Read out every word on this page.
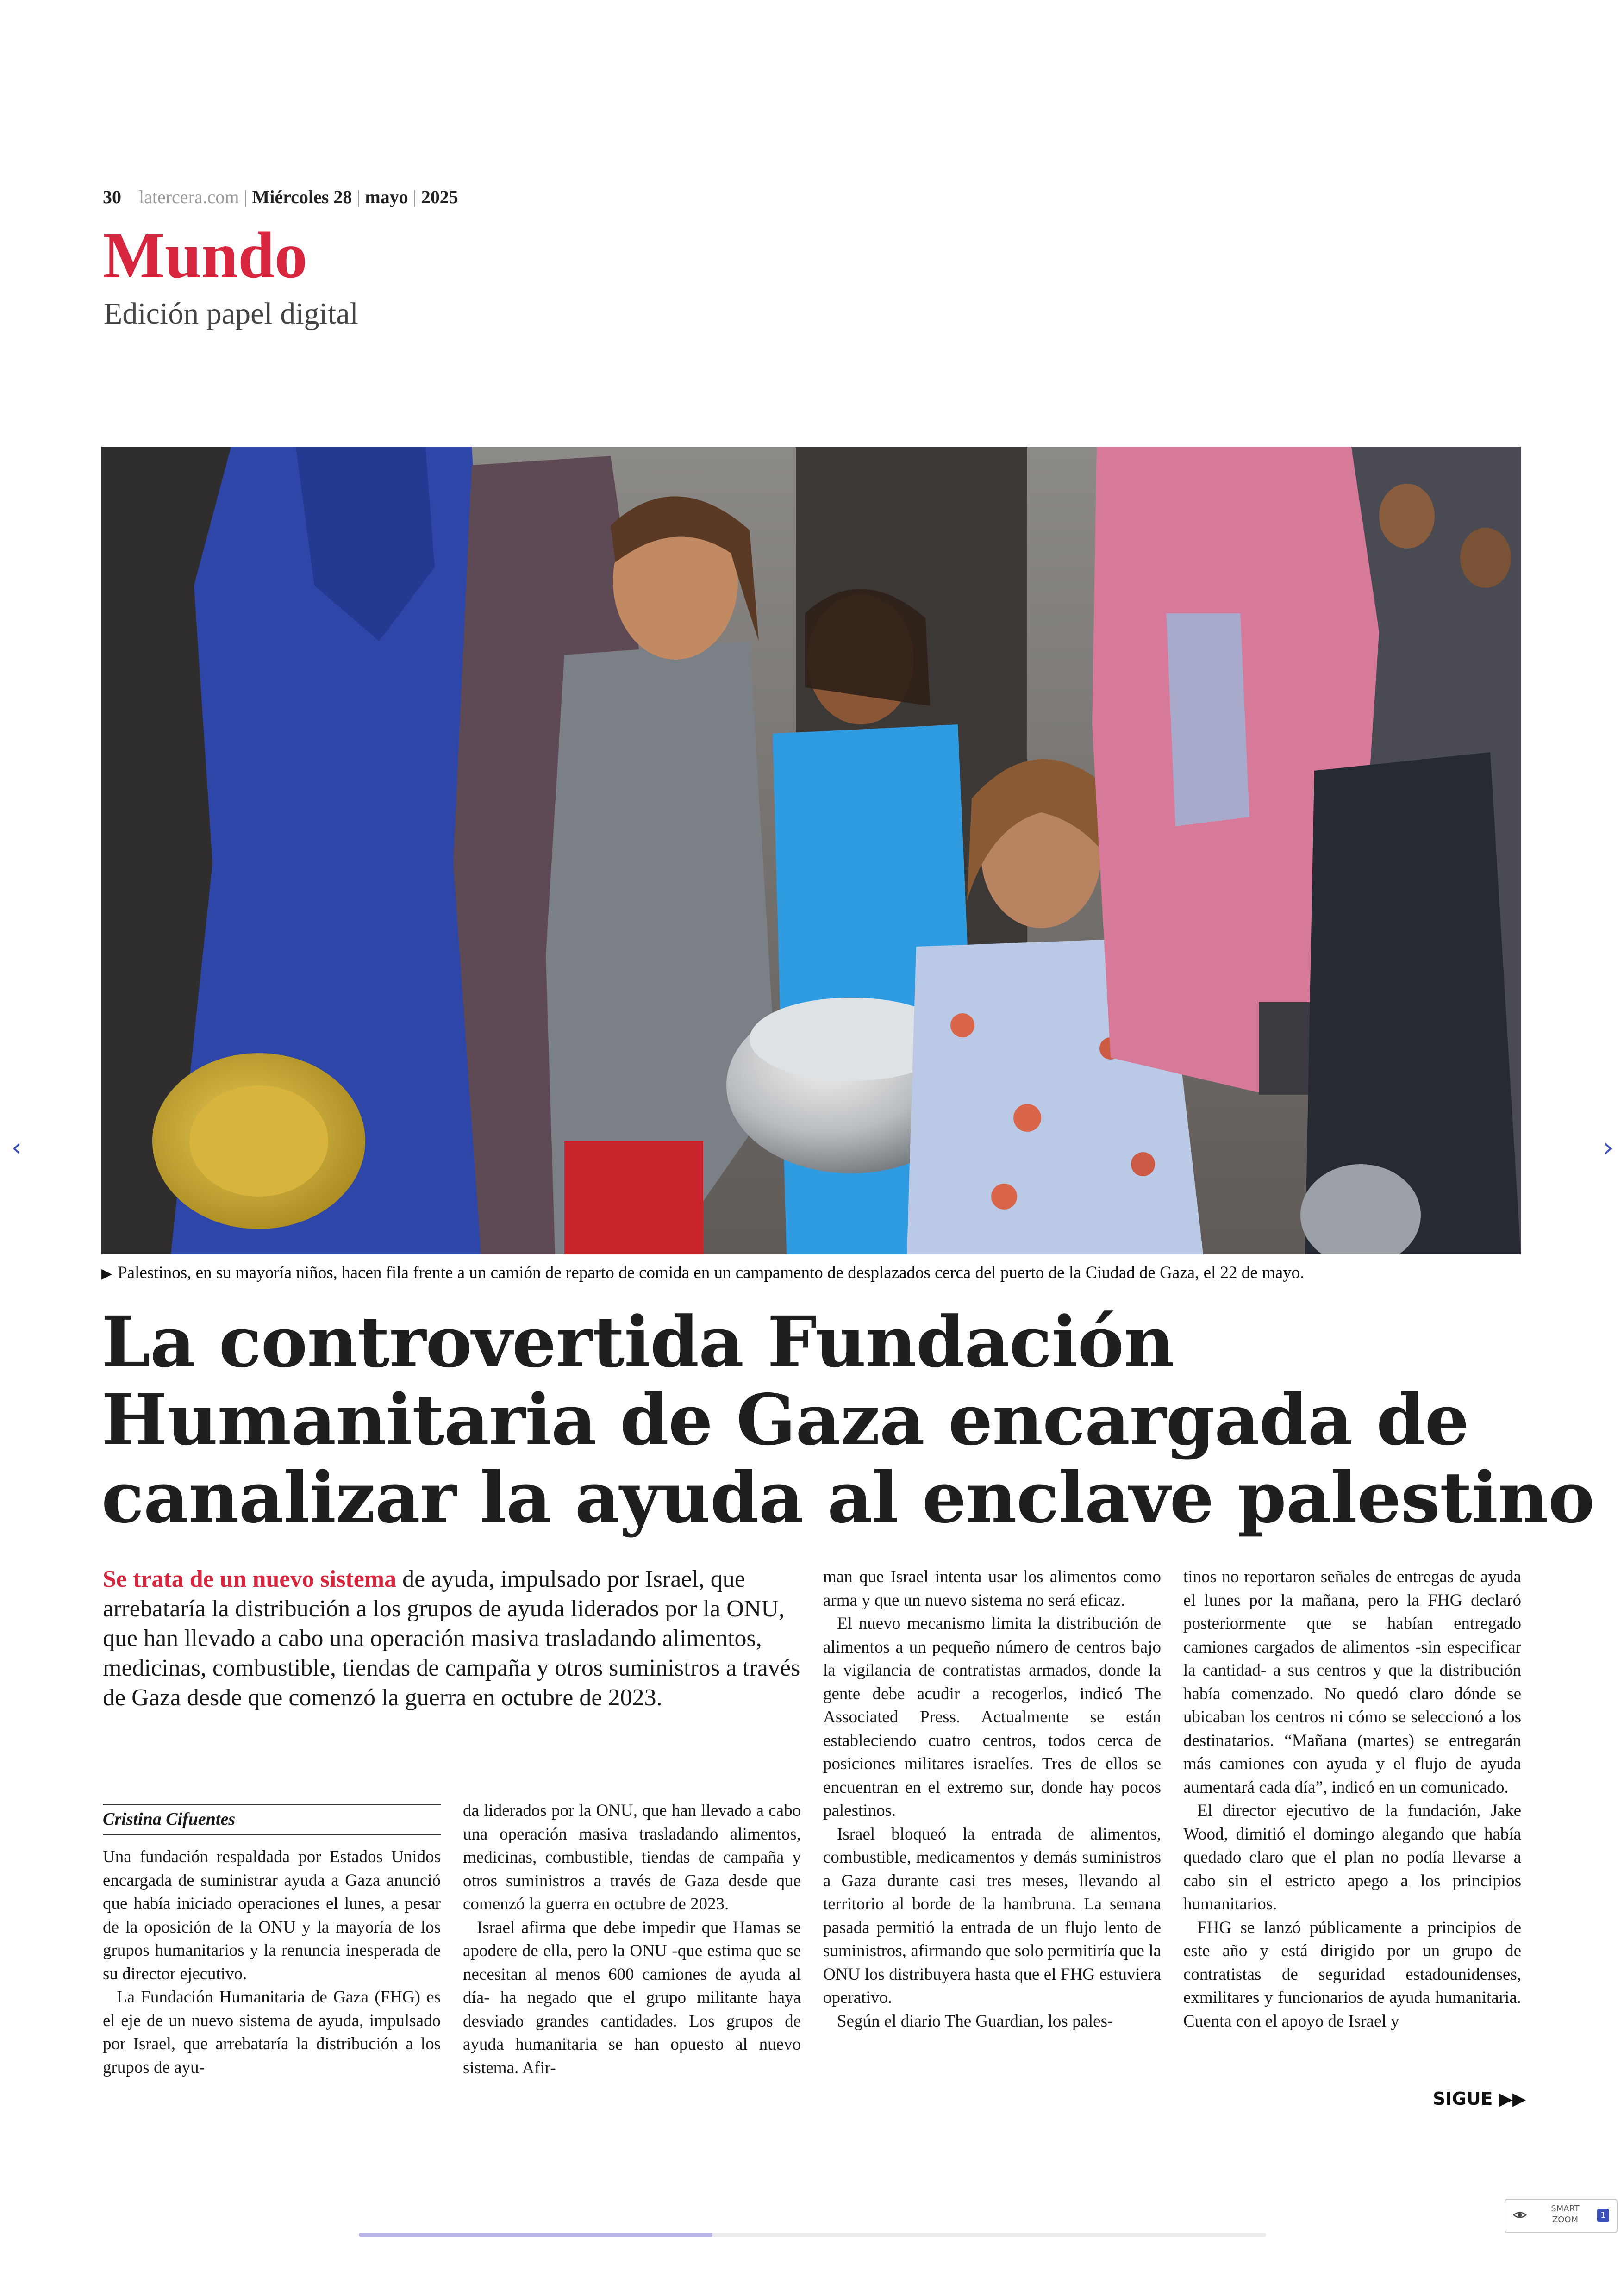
30 latercera.com | Miércoles 28 | mayo | 2025
Mundo
Edición papel digital
▶ Palestinos, en su mayoría niños, hacen fila frente a un camión de reparto de comida en un campamento de desplazados cerca del puerto de la Ciudad de Gaza, el 22 de mayo.
La controvertida Fundación
Humanitaria de Gaza encargada de
canalizar la ayuda al enclave palestino
Se trata de un nuevo sistema de ayuda, impulsado por Israel, que arrebataría la distribución a los grupos de ayuda liderados por la ONU, que han llevado a cabo una operación masiva trasladando alimentos, medicinas, combustible, tiendas de campaña y otros suministros a través de Gaza desde que comenzó la guerra en octubre de 2023.
Cristina Cifuentes

Una fundación respaldada por Estados Unidos encargada de suministrar ayuda a Gaza anunció que había iniciado operaciones el lunes, a pesar de la oposición de la ONU y la mayoría de los grupos humanitarios y la renuncia inesperada de su director ejecutivo.

La Fundación Humanitaria de Gaza (FHG) es el eje de un nuevo sistema de ayuda, impulsado por Israel, que arrebataría la distribución a los grupos de ayu-

da liderados por la ONU, que han llevado a cabo una operación masiva trasladando alimentos, medicinas, combustible, tiendas de campaña y otros suministros a través de Gaza desde que comenzó la guerra en octubre de 2023.

Israel afirma que debe impedir que Hamas se apodere de ella, pero la ONU -que estima que se necesitan al menos 600 camiones de ayuda al día- ha negado que el grupo militante haya desviado grandes cantidades. Los grupos de ayuda humanitaria se han opuesto al nuevo sistema. Afir-

man que Israel intenta usar los alimentos como arma y que un nuevo sistema no será eficaz.

El nuevo mecanismo limita la distribución de alimentos a un pequeño número de centros bajo la vigilancia de contratistas armados, donde la gente debe acudir a recogerlos, indicó The Associated Press. Actualmente se están estableciendo cuatro centros, todos cerca de posiciones militares israelíes. Tres de ellos se encuentran en el extremo sur, donde hay pocos palestinos.

Israel bloqueó la entrada de alimentos, combustible, medicamentos y demás suministros a Gaza durante casi tres meses, llevando al territorio al borde de la hambruna. La semana pasada permitió la entrada de un flujo lento de suministros, afirmando que solo permitiría que la ONU los distribuyera hasta que el FHG estuviera operativo.

Según el diario The Guardian, los pales-

tinos no reportaron señales de entregas de ayuda el lunes por la mañana, pero la FHG declaró posteriormente que se habían entregado camiones cargados de alimentos -sin especificar la cantidad- a sus centros y que la distribución había comenzado. No quedó claro dónde se ubicaban los centros ni cómo se seleccionó a los destinatarios. “Mañana (martes) se entregarán más camiones con ayuda y el flujo de ayuda aumentará cada día”, indicó en un comunicado.

El director ejecutivo de la fundación, Jake Wood, dimitió el domingo alegando que había quedado claro que el plan no podía llevarse a cabo sin el estricto apego a los principios humanitarios.

FHG se lanzó públicamente a principios de este año y está dirigido por un grupo de contratistas de seguridad estadounidenses, exmilitares y funcionarios de ayuda humanitaria. Cuenta con el apoyo de Israel y

SIGUE ▶▶
‹	›
SMART
ZOOM	1
